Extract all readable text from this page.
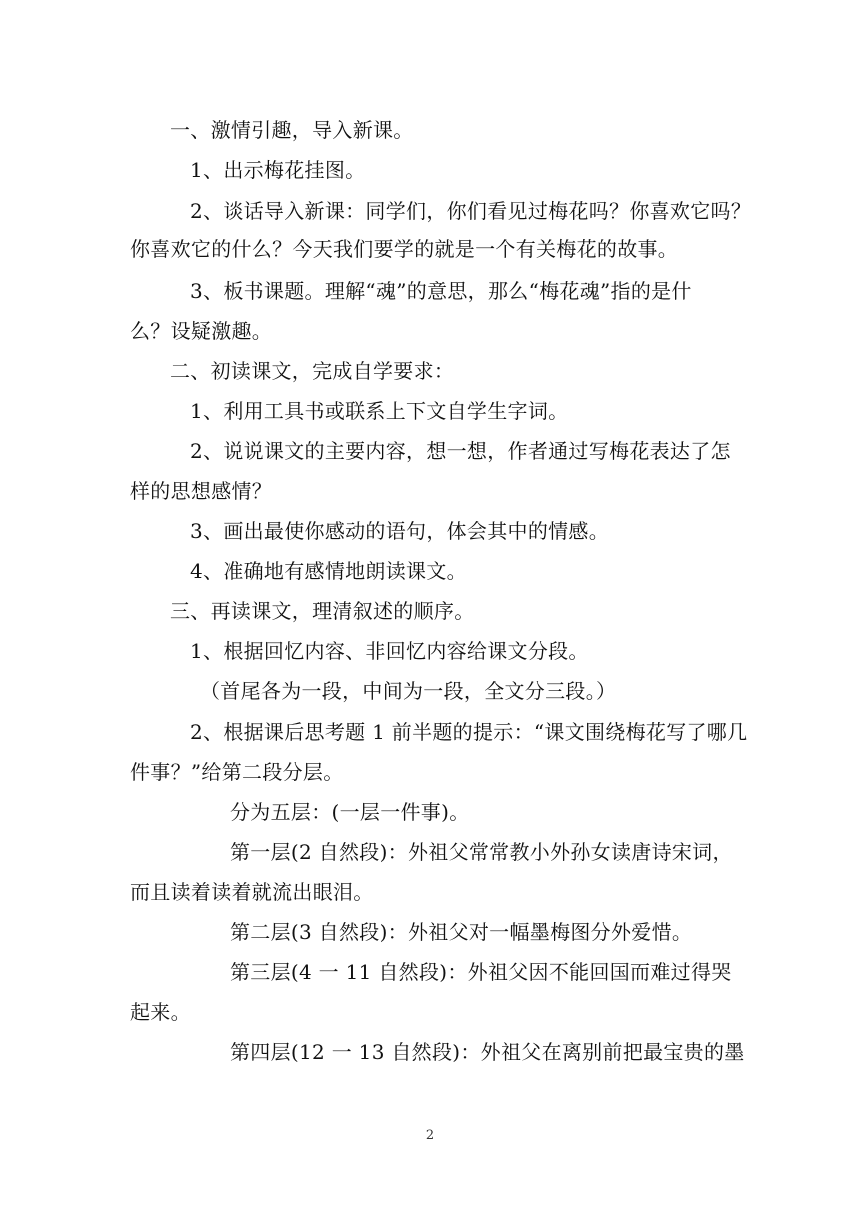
一、激情引趣，导入新课。
1、出示梅花挂图。
2、谈话导入新课：同学们，你们看见过梅花吗？你喜欢它吗？
你喜欢它的什么？今天我们要学的就是一个有关梅花的故事。
3、板书课题。理解“魂”的意思，那么“梅花魂”指的是什
么？设疑激趣。
二、初读课文，完成自学要求：
1、利用工具书或联系上下文自学生字词。
2、说说课文的主要内容，想一想，作者通过写梅花表达了怎
样的思想感情？
3、画出最使你感动的语句，体会其中的情感。
4、准确地有感情地朗读课文。
三、再读课文，理清叙述的顺序。
1、根据回忆内容、非回忆内容给课文分段。
（首尾各为一段，中间为一段，全文分三段。）
2、根据课后思考题 1 前半题的提示：“课文围绕梅花写了哪几
件事？”给第二段分层。
分为五层：(一层一件事)。
第一层(2 自然段)：外祖父常常教小外孙女读唐诗宋词，
而且读着读着就流出眼泪。
第二层(3 自然段)：外祖父对一幅墨梅图分外爱惜。
第三层(4 一 11 自然段)：外祖父因不能回国而难过得哭
起来。
第四层(12 一 13 自然段)：外祖父在离别前把最宝贵的墨
2
